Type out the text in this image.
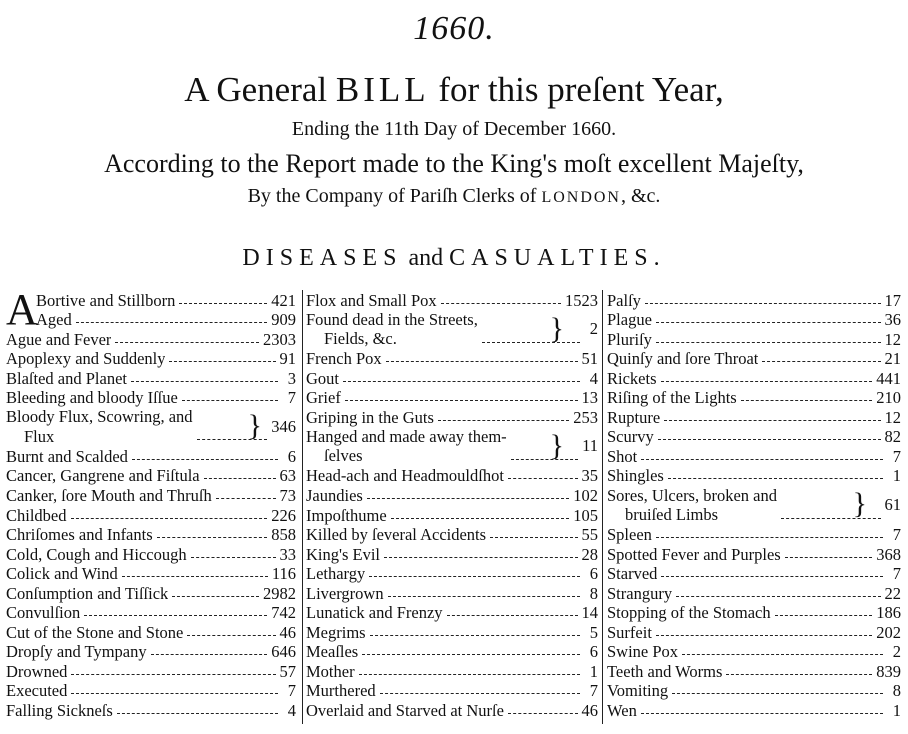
1660.
A General BILL for this preſent Year,
Ending the 11th Day of December 1660.
According to the Report made to the King's moſt excellent Majeſty,
By the Company of Pariſh Clerks of LONDON, &c.
DISEASES and CASUALTIES.
A
Bortive and Stillborn	421
Aged	909
Ague and Fever	2303
Apoplexy and Suddenly	91
Blaſted and Planet	3
Bleeding and bloody Iſſue	7
Bloody Flux, Scowring, and
Flux	} 346
Burnt and Scalded	6
Cancer, Gangrene and Fiſtula	63
Canker, ſore Mouth and Thruſh	73
Childbed	226
Chriſomes and Infants	858
Cold, Cough and Hiccough	33
Colick and Wind	116
Conſumption and Tiſſick	2982
Convulſion	742
Cut of the Stone and Stone	46
Dropſy and Tympany	646
Drowned	57
Executed	7
Falling Sickneſs	4
Flox and Small Pox	1523
Found dead in the Streets,
Fields, &c.	}	2
French Pox	51
Gout	4
Grief	13
Griping in the Guts	253
Hanged and made away them-
ſelves	} 11
Head-ach and Headmouldſhot	35
Jaundies	102
Impoſthume	105
Killed by ſeveral Accidents	55
King's Evil	28
Lethargy	6
Livergrown	8
Lunatick and Frenzy	14
Megrims	5
Meaſles	6
Mother	1
Murthered	7
Overlaid and Starved at Nurſe	46
Palſy	17
Plague	36
Pluriſy	12
Quinſy and ſore Throat	21
Rickets	441
Riſing of the Lights	210
Rupture	12
Scurvy	82
Shot	7
Shingles	1
Sores, Ulcers, broken and
bruiſed Limbs	} 61
Spleen	7
Spotted Fever and Purples	368
Starved	7
Strangury	22
Stopping of the Stomach	186
Surfeit	202
Swine Pox	2
Teeth and Worms	839
Vomiting	8
Wen	1
